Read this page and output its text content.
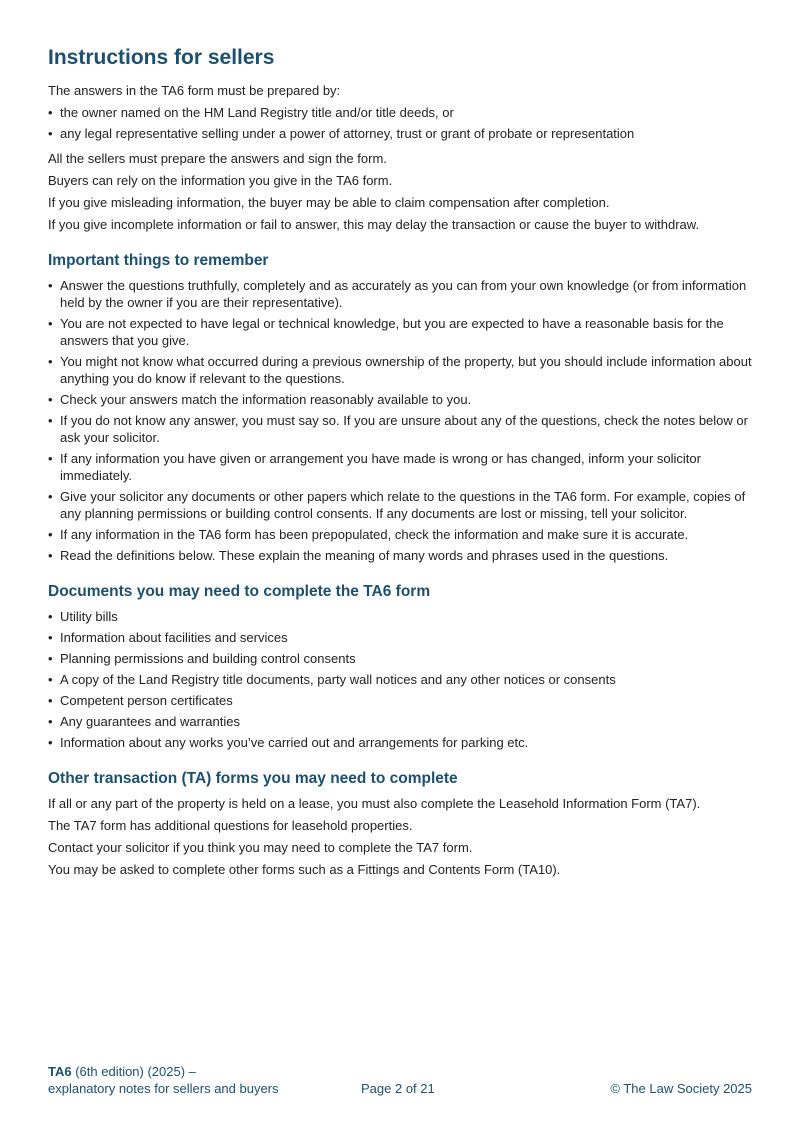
Instructions for sellers

The answers in the TA6 form must be prepared by:

• the owner named on the HM Land Registry title and/or title deeds, or
• any legal representative selling under a power of attorney, trust or grant of probate or representation

All the sellers must prepare the answers and sign the form.

Buyers can rely on the information you give in the TA6 form.

If you give misleading information, the buyer may be able to claim compensation after completion.

If you give incomplete information or fail to answer, this may delay the transaction or cause the buyer to withdraw.

Important things to remember
• Answer the questions truthfully, completely and as accurately as you can from your own knowledge (or from information held by the owner if you are their representative).
• You are not expected to have legal or technical knowledge, but you are expected to have a reasonable basis for the answers that you give.
• You might not know what occurred during a previous ownership of the property, but you should include information about anything you do know if relevant to the questions.
• Check your answers match the information reasonably available to you.
• If you do not know any answer, you must say so. If you are unsure about any of the questions, check the notes below or ask your solicitor.
• If any information you have given or arrangement you have made is wrong or has changed, inform your solicitor immediately.
• Give your solicitor any documents or other papers which relate to the questions in the TA6 form. For example, copies of any planning permissions or building control consents. If any documents are lost or missing, tell your solicitor.
• If any information in the TA6 form has been prepopulated, check the information and make sure it is accurate.
• Read the definitions below. These explain the meaning of many words and phrases used in the questions.
Documents you may need to complete the TA6 form
• Utility bills
• Information about facilities and services
• Planning permissions and building control consents
• A copy of the Land Registry title documents, party wall notices and any other notices or consents
• Competent person certificates
• Any guarantees and warranties
• Information about any works you’ve carried out and arrangements for parking etc.
Other transaction (TA) forms you may need to complete

If all or any part of the property is held on a lease, you must also complete the Leasehold Information Form (TA7).

The TA7 form has additional questions for leasehold properties.

Contact your solicitor if you think you may need to complete the TA7 form.

You may be asked to complete other forms such as a Fittings and Contents Form (TA10).

TA6 (6th edition) (2025) –
explanatory notes for sellers and buyers	Page 2 of 21	© The Law Society 2025
